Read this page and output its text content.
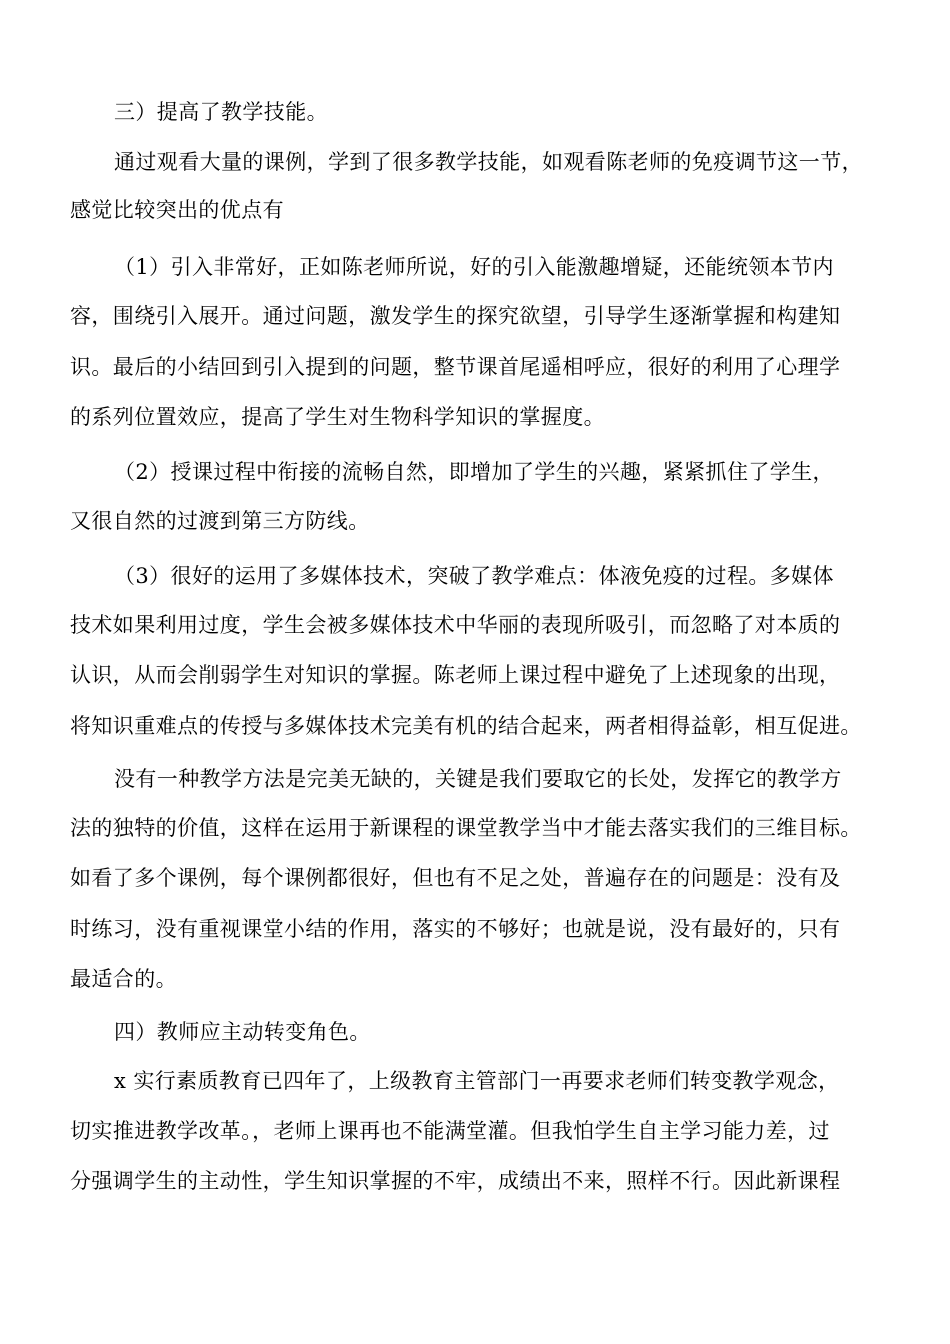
三）提高了教学技能。
通过观看大量的课例，学到了很多教学技能，如观看陈老师的免疫调节这一节，
感觉比较突出的优点有
（1）引入非常好，正如陈老师所说，好的引入能激趣增疑，还能统领本节内
容，围绕引入展开。通过问题，激发学生的探究欲望，引导学生逐渐掌握和构建知
识。最后的小结回到引入提到的问题，整节课首尾遥相呼应，很好的利用了心理学
的系列位置效应，提高了学生对生物科学知识的掌握度。
（2）授课过程中衔接的流畅自然，即增加了学生的兴趣，紧紧抓住了学生，
又很自然的过渡到第三方防线。
（3）很好的运用了多媒体技术，突破了教学难点：体液免疫的过程。多媒体
技术如果利用过度，学生会被多媒体技术中华丽的表现所吸引，而忽略了对本质的
认识，从而会削弱学生对知识的掌握。陈老师上课过程中避免了上述现象的出现，
将知识重难点的传授与多媒体技术完美有机的结合起来，两者相得益彰，相互促进。
没有一种教学方法是完美无缺的，关键是我们要取它的长处，发挥它的教学方
法的独特的价值，这样在运用于新课程的课堂教学当中才能去落实我们的三维目标。
如看了多个课例，每个课例都很好，但也有不足之处，普遍存在的问题是：没有及
时练习，没有重视课堂小结的作用，落实的不够好；也就是说，没有最好的，只有
最适合的。
四）教师应主动转变角色。
x 实行素质教育已四年了，上级教育主管部门一再要求老师们转变教学观念，
切实推进教学改革。，老师上课再也不能满堂灌。但我怕学生自主学习能力差，过
分强调学生的主动性，学生知识掌握的不牢，成绩出不来，照样不行。因此新课程
